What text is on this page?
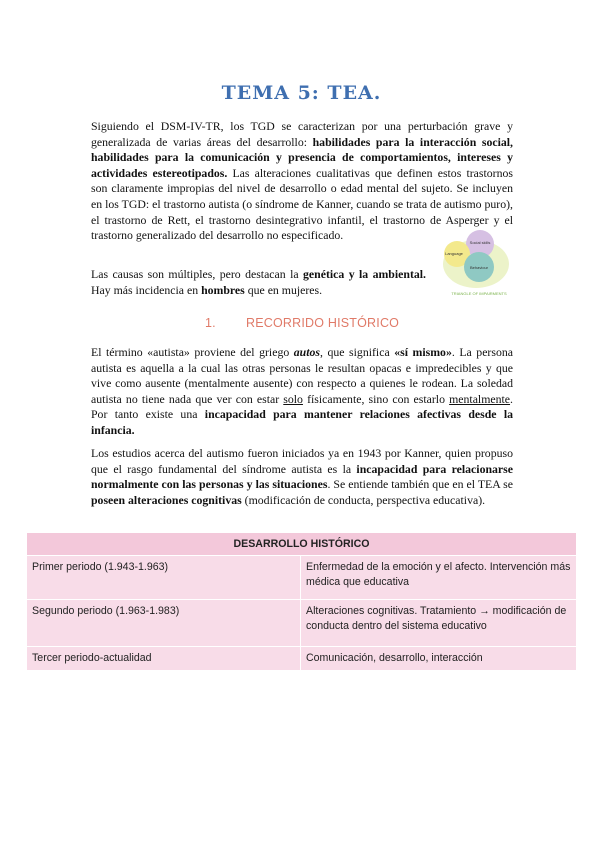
TEMA 5: TEA.

Siguiendo el DSM-IV-TR, los TGD se caracterizan por una perturbación grave y generalizada de varias áreas del desarrollo: habilidades para la interacción social, habilidades para la comunicación y presencia de comportamientos, intereses y actividades estereotipados. Las alteraciones cualitativas que definen estos trastornos son claramente impropias del nivel de desarrollo o edad mental del sujeto. Se incluyen en los TGD: el trastorno autista (o síndrome de Kanner, cuando se trata de autismo puro), el trastorno de Rett, el trastorno desintegrativo infantil, el trastorno de Asperger y el trastorno generalizado del desarrollo no especificado.

Las causas son múltiples, pero destacan la genética y la ambiental. Hay más incidencia en hombres que en mujeres.

Social skills
Language
Behaviour
TRIANGLE OF IMPAIRMENTS
1. RECORRIDO HISTÓRICO

El término «autista» proviene del griego autos, que significa «sí mismo». La persona autista es aquella a la cual las otras personas le resultan opacas e impredecibles y que vive como ausente (mentalmente ausente) con respecto a quienes le rodean. La soledad autista no tiene nada que ver con estar solo físicamente, sino con estarlo mentalmente. Por tanto existe una incapacidad para mantener relaciones afectivas desde la infancia.

Los estudios acerca del autismo fueron iniciados ya en 1943 por Kanner, quien propuso que el rasgo fundamental del síndrome autista es la incapacidad para relacionarse normalmente con las personas y las situaciones. Se entiende también que en el TEA se poseen alteraciones cognitivas (modificación de conducta, perspectiva educativa).

DESARROLLO HISTÓRICO	
Primer periodo (1.943-1.963)	Enfermedad de la emoción y el afecto. Intervención más médica que educativa
Segundo periodo (1.963-1.983)	Alteraciones cognitivas. Tratamiento → modificación de conducta dentro del sistema educativo
Tercer periodo-actualidad	Comunicación, desarrollo, interacción
